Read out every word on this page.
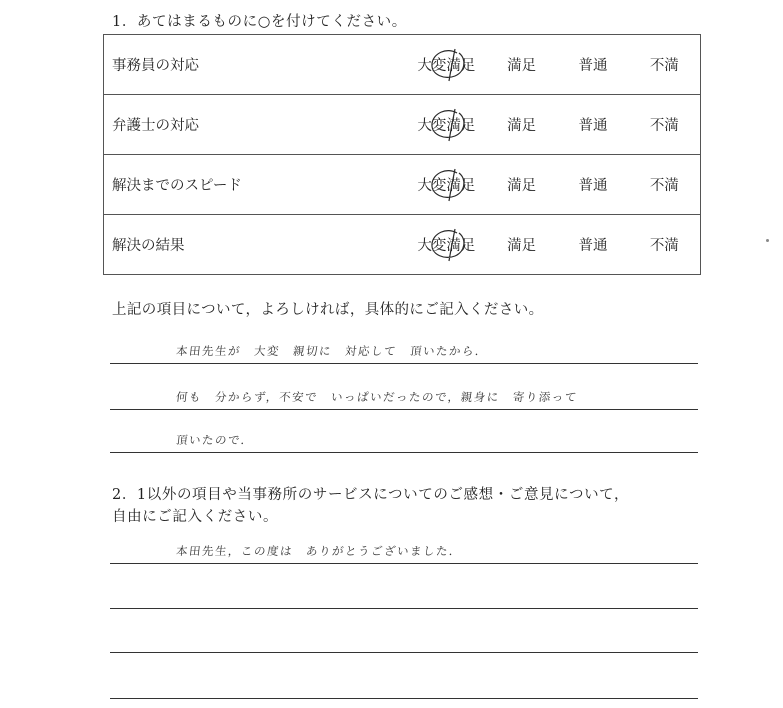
1．あてはまるものに○を付けてください。
事務員の対応	大変満足	満足	普通	不満
弁護士の対応	大変満足	満足	普通	不満
解決までのスピード	大変満足	満足	普通	不満
解決の結果	大変満足	満足	普通	不満
上記の項目について，よろしければ，具体的にご記入ください。
本田先生が　大変　親切に　対応して　頂いたから．
何も　分からず，不安で　いっぱいだったので，親身に　寄り添って
頂いたので．
2．1以外の項目や当事務所のサービスについてのご感想・ご意見について，
自由にご記入ください。
本田先生，この度は　ありがとうございました．
